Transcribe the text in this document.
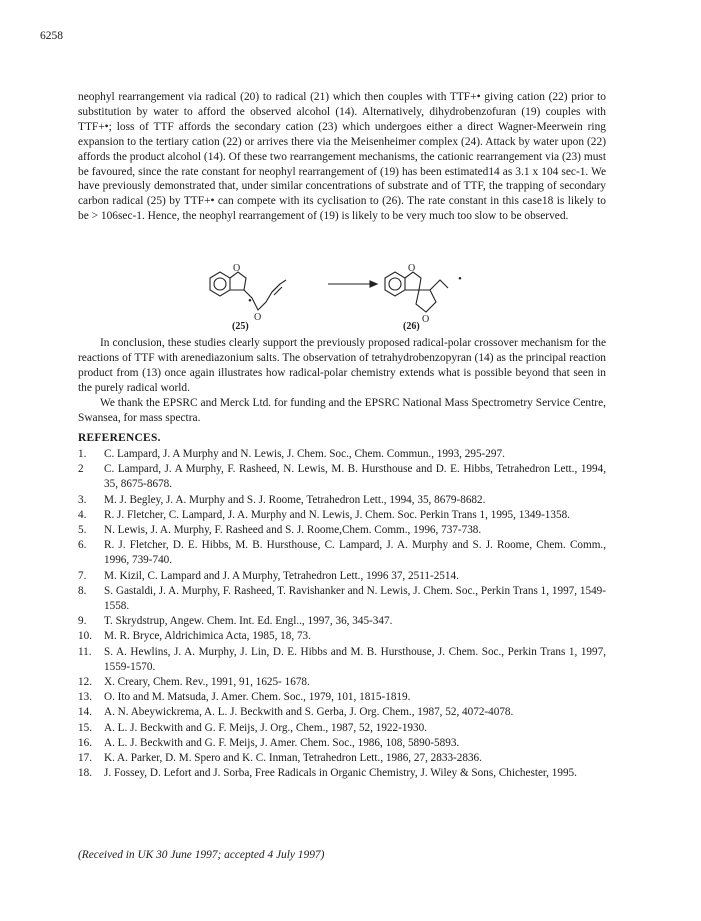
6258

neophyl rearrangement via radical (20) to radical (21) which then couples with TTF+• giving cation (22) prior to substitution by water to afford the observed alcohol (14). Alternatively, dihydrobenzofuran (19) couples with TTF+•; loss of TTF affords the secondary cation (23) which undergoes either a direct Wagner-Meerwein ring expansion to the tertiary cation (22) or arrives there via the Meisenheimer complex (24). Attack by water upon (22) affords the product alcohol (14). Of these two rearrangement mechanisms, the cationic rearrangement via (23) must be favoured, since the rate constant for neophyl rearrangement of (19) has been estimated14 as 3.1 x 104 sec-1. We have previously demonstrated that, under similar concentrations of substrate and of TTF, the trapping of secondary carbon radical (25) by TTF+• can compete with its cyclisation to (26). The rate constant in this case18 is likely to be > 106sec-1. Hence, the neophyl rearrangement of (19) is likely to be very much too slow to be observed.

O
O
•
O
O
•
(25)	(26)

In conclusion, these studies clearly support the previously proposed radical-polar crossover mechanism for the reactions of TTF with arenediazonium salts. The observation of tetrahydrobenzopyran (14) as the principal reaction product from (13) once again illustrates how radical-polar chemistry extends what is possible beyond that seen in the purely radical world.

We thank the EPSRC and Merck Ltd. for funding and the EPSRC National Mass Spectrometry Service Centre, Swansea, for mass spectra.

REFERENCES.
1.	C. Lampard, J. A Murphy and N. Lewis, J. Chem. Soc., Chem. Commun., 1993, 295-297.
2	C. Lampard, J. A Murphy, F. Rasheed, N. Lewis, M. B. Hursthouse and D. E. Hibbs, Tetrahedron Lett., 1994, 35, 8675-8678.
3.	M. J. Begley, J. A. Murphy and S. J. Roome, Tetrahedron Lett., 1994, 35, 8679-8682.
4.	R. J. Fletcher, C. Lampard, J. A. Murphy and N. Lewis, J. Chem. Soc. Perkin Trans 1, 1995, 1349-1358.
5.	N. Lewis, J. A. Murphy, F. Rasheed and S. J. Roome,Chem. Comm., 1996, 737-738.
6.	R. J. Fletcher, D. E. Hibbs, M. B. Hursthouse, C. Lampard, J. A. Murphy and S. J. Roome, Chem. Comm., 1996, 739-740.
7.	M. Kizil, C. Lampard and J. A Murphy, Tetrahedron Lett., 1996 37, 2511-2514.
8.	S. Gastaldi, J. A. Murphy, F. Rasheed, T. Ravishanker and N. Lewis, J. Chem. Soc., Perkin Trans 1, 1997, 1549-1558.
9.	T. Skrydstrup, Angew. Chem. Int. Ed. Engl.., 1997, 36, 345-347.
10.	M. R. Bryce, Aldrichimica Acta, 1985, 18, 73.
11.	S. A. Hewlins, J. A. Murphy, J. Lin, D. E. Hibbs and M. B. Hursthouse, J. Chem. Soc., Perkin Trans 1, 1997, 1559-1570.
12.	X. Creary, Chem. Rev., 1991, 91, 1625- 1678.
13.	O. Ito and M. Matsuda, J. Amer. Chem. Soc., 1979, 101, 1815-1819.
14.	A. N. Abeywickrema, A. L. J. Beckwith and S. Gerba, J. Org. Chem., 1987, 52, 4072-4078.
15.	A. L. J. Beckwith and G. F. Meijs, J. Org., Chem., 1987, 52, 1922-1930.
16.	A. L. J. Beckwith and G. F. Meijs, J. Amer. Chem. Soc., 1986, 108, 5890-5893.
17.	K. A. Parker, D. M. Spero and K. C. Inman, Tetrahedron Lett., 1986, 27, 2833-2836.
18.	J. Fossey, D. Lefort and J. Sorba, Free Radicals in Organic Chemistry, J. Wiley & Sons, Chichester, 1995.
(Received in UK 30 June 1997; accepted 4 July 1997)
